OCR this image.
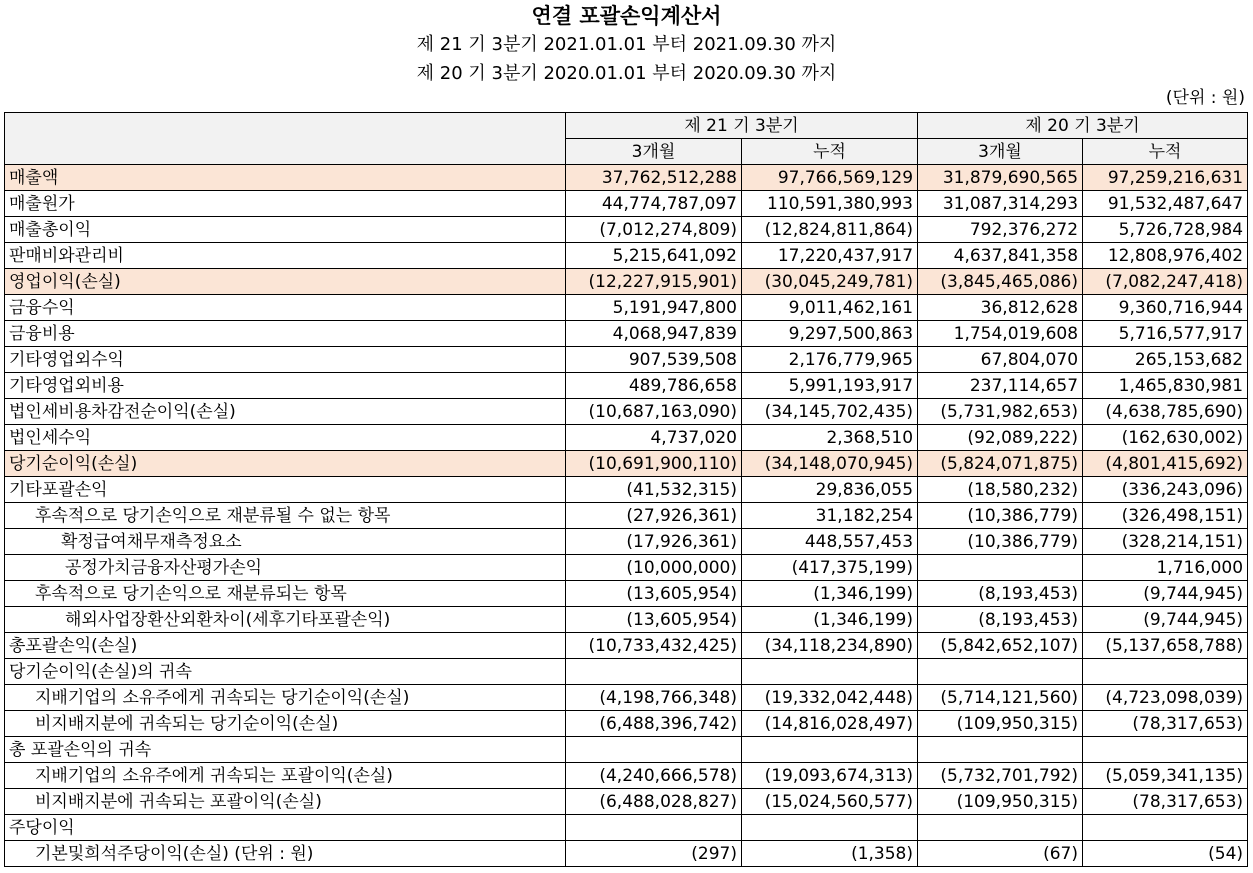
연결 포괄손익계산서
제 21 기 3분기 2021.01.01 부터 2021.09.30 까지
제 20 기 3분기 2020.01.01 부터 2020.09.30 까지
(단위 : 원)
	제 21 기 3분기		제 20 기 3분기	
	3개월	누적	3개월	누적
매출액	37,762,512,288	97,766,569,129	31,879,690,565	97,259,216,631
매출원가	44,774,787,097	110,591,380,993	31,087,314,293	91,532,487,647
매출총이익	(7,012,274,809)	(12,824,811,864)	792,376,272	5,726,728,984
판매비와관리비	5,215,641,092	17,220,437,917	4,637,841,358	12,808,976,402
영업이익(손실)	(12,227,915,901)	(30,045,249,781)	(3,845,465,086)	(7,082,247,418)
금융수익	5,191,947,800	9,011,462,161	36,812,628	9,360,716,944
금융비용	4,068,947,839	9,297,500,863	1,754,019,608	5,716,577,917
기타영업외수익	907,539,508	2,176,779,965	67,804,070	265,153,682
기타영업외비용	489,786,658	5,991,193,917	237,114,657	1,465,830,981
법인세비용차감전순이익(손실)	(10,687,163,090)	(34,145,702,435)	(5,731,982,653)	(4,638,785,690)
법인세수익	4,737,020	2,368,510	(92,089,222)	(162,630,002)
당기순이익(손실)	(10,691,900,110)	(34,148,070,945)	(5,824,071,875)	(4,801,415,692)
기타포괄손익	(41,532,315)	29,836,055	(18,580,232)	(336,243,096)
후속적으로 당기손익으로 재분류될 수 없는 항목	(27,926,361)	31,182,254	(10,386,779)	(326,498,151)
확정급여채무재측정요소	(17,926,361)	448,557,453	(10,386,779)	(328,214,151)
공정가치금융자산평가손익	(10,000,000)	(417,375,199)		1,716,000
후속적으로 당기손익으로 재분류되는 항목	(13,605,954)	(1,346,199)	(8,193,453)	(9,744,945)
해외사업장환산외환차이(세후기타포괄손익)	(13,605,954)	(1,346,199)	(8,193,453)	(9,744,945)
총포괄손익(손실)	(10,733,432,425)	(34,118,234,890)	(5,842,652,107)	(5,137,658,788)
당기순이익(손실)의 귀속				
지배기업의 소유주에게 귀속되는 당기순이익(손실)	(4,198,766,348)	(19,332,042,448)	(5,714,121,560)	(4,723,098,039)
비지배지분에 귀속되는 당기순이익(손실)	(6,488,396,742)	(14,816,028,497)	(109,950,315)	(78,317,653)
총 포괄손익의 귀속				
지배기업의 소유주에게 귀속되는 포괄이익(손실)	(4,240,666,578)	(19,093,674,313)	(5,732,701,792)	(5,059,341,135)
비지배지분에 귀속되는 포괄이익(손실)	(6,488,028,827)	(15,024,560,577)	(109,950,315)	(78,317,653)
주당이익				
기본및희석주당이익(손실) (단위 : 원)	(297)	(1,358)	(67)	(54)
